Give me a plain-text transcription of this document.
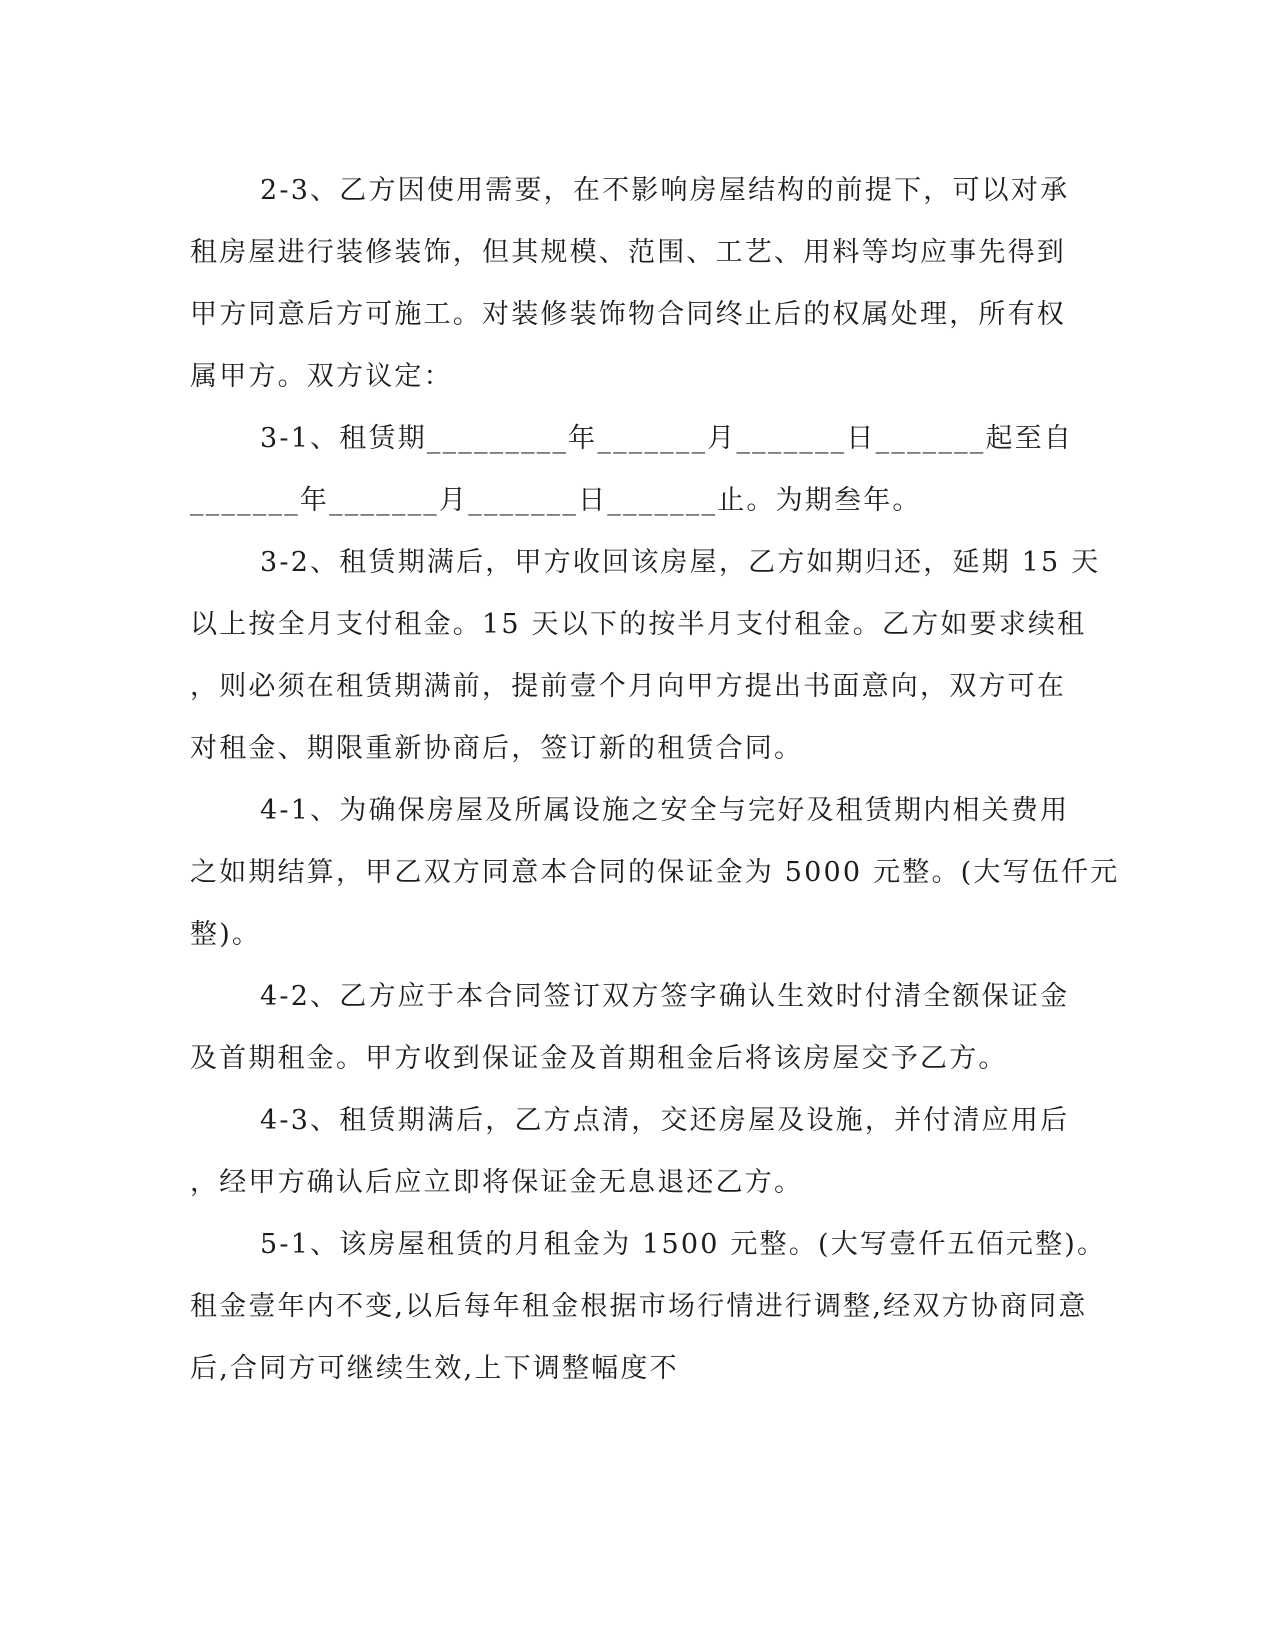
2-3、乙方因使用需要，在不影响房屋结构的前提下，可以对承
租房屋进行装修装饰，但其规模、范围、工艺、用料等均应事先得到
甲方同意后方可施工。对装修装饰物合同终止后的权属处理，所有权
属甲方。双方议定：
3-1、租赁期_________年_______月_______日_______起至自
_______年_______月_______日_______止。为期叁年。
3-2、租赁期满后，甲方收回该房屋，乙方如期归还，延期 15 天
以上按全月支付租金。15 天以下的按半月支付租金。乙方如要求续租
，则必须在租赁期满前，提前壹个月向甲方提出书面意向，双方可在
对租金、期限重新协商后，签订新的租赁合同。
4-1、为确保房屋及所属设施之安全与完好及租赁期内相关费用
之如期结算，甲乙双方同意本合同的保证金为 5000 元整。(大写伍仟元
整)。
4-2、乙方应于本合同签订双方签字确认生效时付清全额保证金
及首期租金。甲方收到保证金及首期租金后将该房屋交予乙方。
4-3、租赁期满后，乙方点清，交还房屋及设施，并付清应用后
，经甲方确认后应立即将保证金无息退还乙方。
5-1、该房屋租赁的月租金为 1500 元整。(大写壹仟五佰元整)。
租金壹年内不变,以后每年租金根据市场行情进行调整,经双方协商同意
后,合同方可继续生效,上下调整幅度不
